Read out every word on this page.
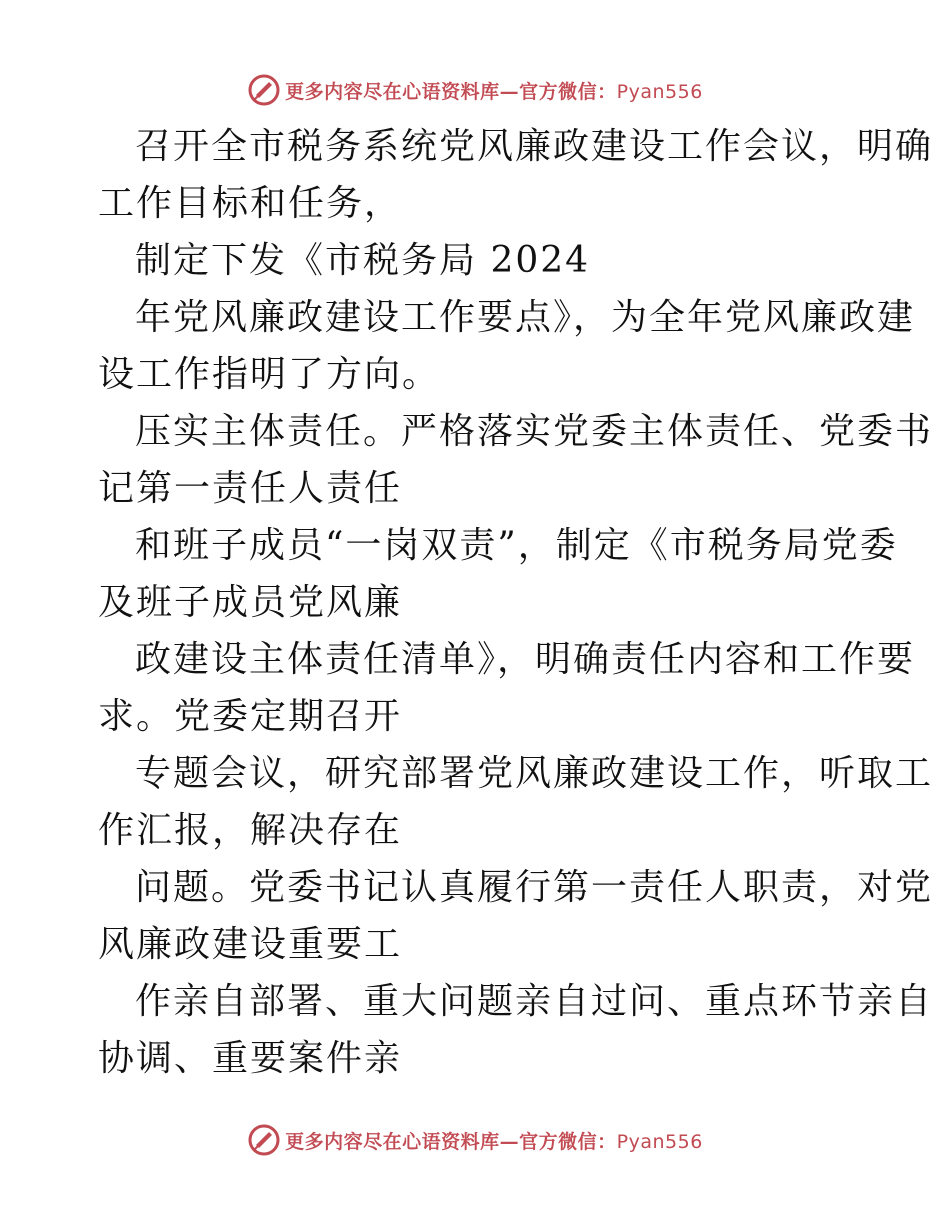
更多内容尽在心语资料库—官方微信：Pyan556
召开全市税务系统党风廉政建设工作会议，明确
工作目标和任务，
制定下发《市税务局 2024
年党风廉政建设工作要点》，为全年党风廉政建
设工作指明了方向。
压实主体责任。严格落实党委主体责任、党委书
记第一责任人责任
和班子成员“一岗双责”，制定《市税务局党委
及班子成员党风廉
政建设主体责任清单》，明确责任内容和工作要
求。党委定期召开
专题会议，研究部署党风廉政建设工作，听取工
作汇报，解决存在
问题。党委书记认真履行第一责任人职责，对党
风廉政建设重要工
作亲自部署、重大问题亲自过问、重点环节亲自
协调、重要案件亲
更多内容尽在心语资料库—官方微信：Pyan556
